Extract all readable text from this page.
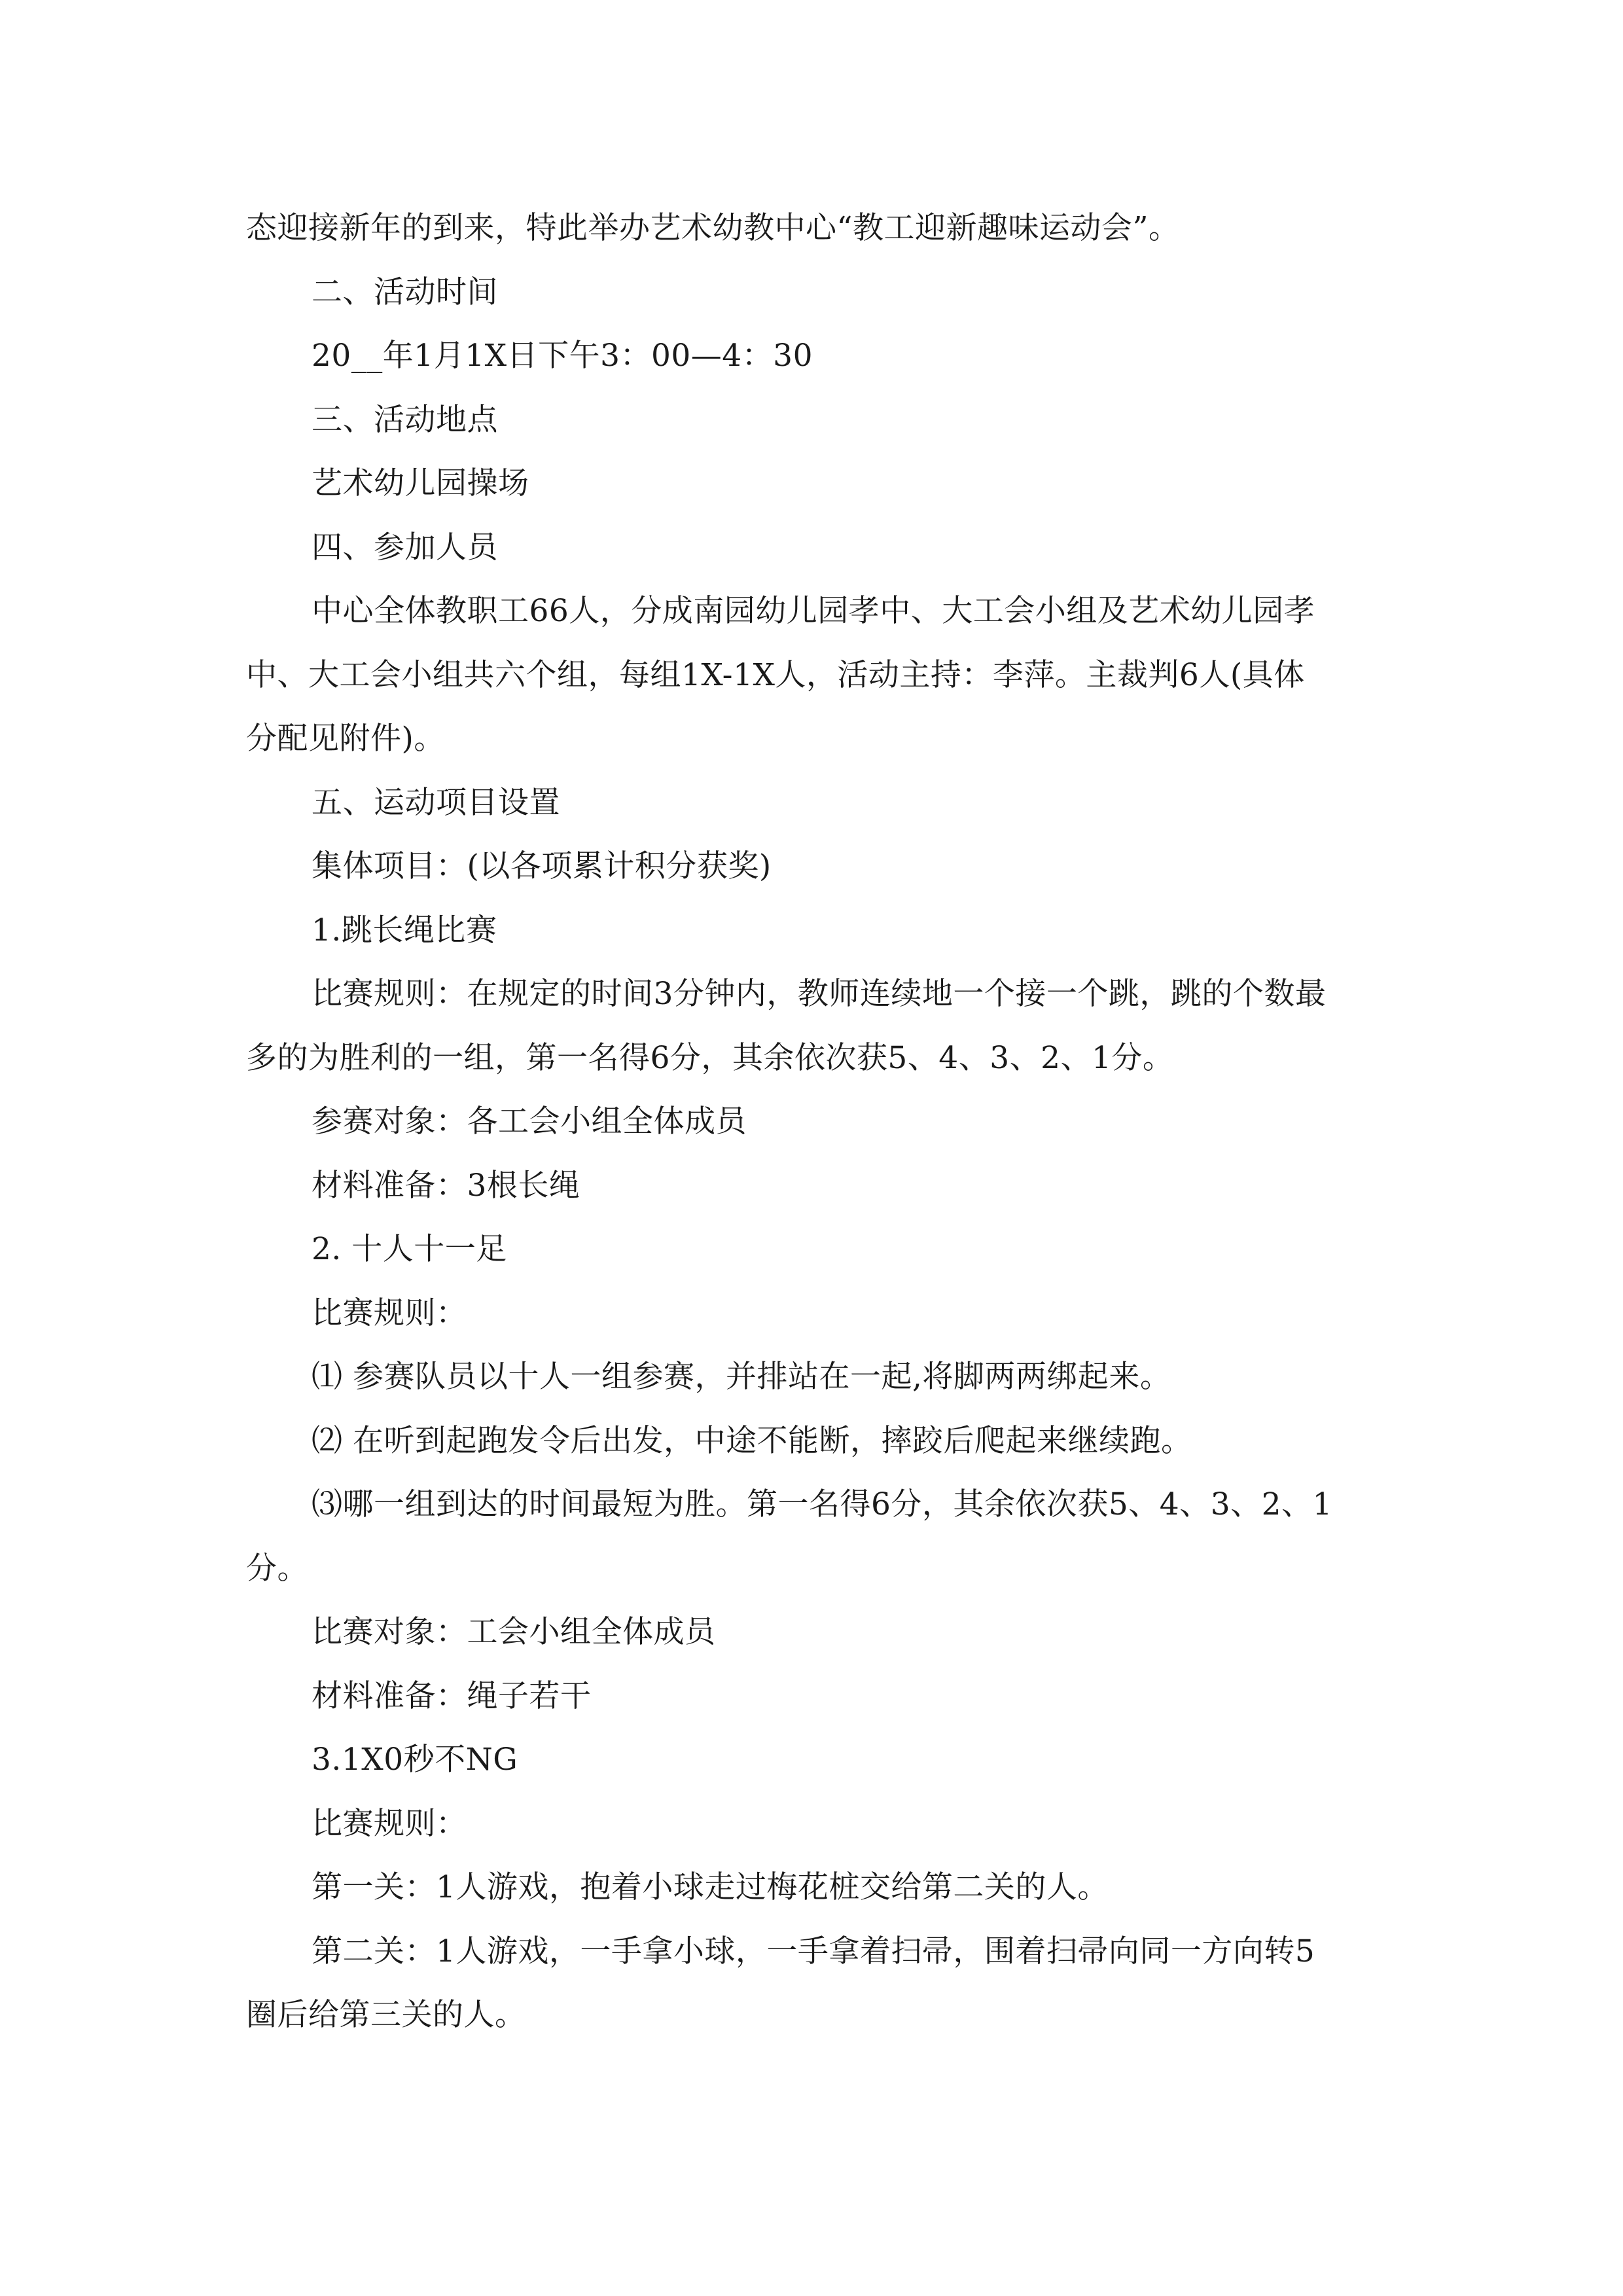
态迎接新年的到来，特此举办艺术幼教中心“教工迎新趣味运动会”。
二、活动时间
20__年1月1X日下午3：00—4：30
三、活动地点
艺术幼儿园操场
四、参加人员
中心全体教职工66人，分成南园幼儿园孝中、大工会小组及艺术幼儿园孝
中、大工会小组共六个组，每组1X-1X人，活动主持：李萍。主裁判6人(具体
分配见附件)。
五、运动项目设置
集体项目：(以各项累计积分获奖)
1.跳长绳比赛
比赛规则：在规定的时间3分钟内，教师连续地一个接一个跳，跳的个数最
多的为胜利的一组，第一名得6分，其余依次获5、4、3、2、1分。
参赛对象：各工会小组全体成员
材料准备：3根长绳
2. 十人十一足
比赛规则：
⑴ 参赛队员以十人一组参赛，并排站在一起,将脚两两绑起来。
⑵ 在听到起跑发令后出发，中途不能断，摔跤后爬起来继续跑。
⑶哪一组到达的时间最短为胜。第一名得6分，其余依次获5、4、3、2、1
分。
比赛对象：工会小组全体成员
材料准备：绳子若干
3.1X0秒不NG
比赛规则：
第一关：1人游戏，抱着小球走过梅花桩交给第二关的人。
第二关：1人游戏，一手拿小球，一手拿着扫帚，围着扫帚向同一方向转5
圈后给第三关的人。
